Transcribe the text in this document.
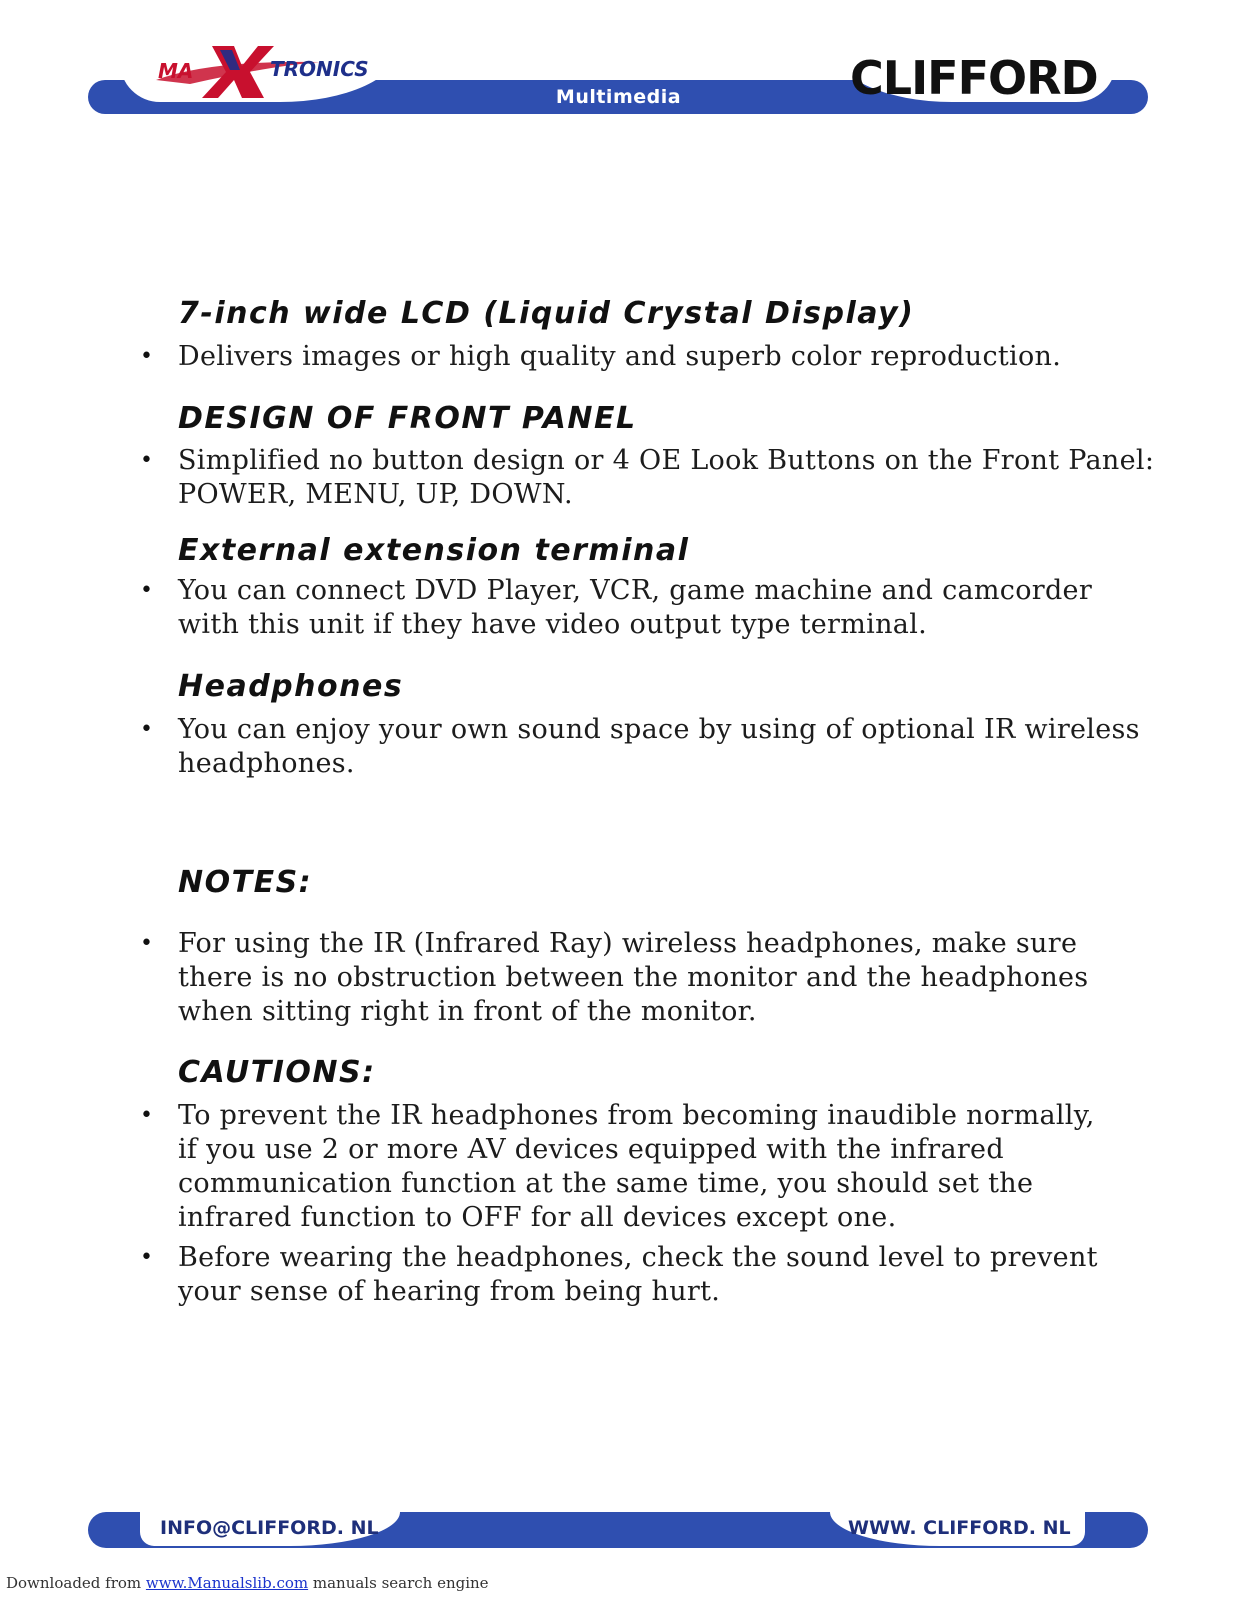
MA	TRONICS
Multimedia	CLIFFORD
7-inch wide LCD (Liquid Crystal Display)
• Delivers images or high quality and superb color reproduction.
DESIGN OF FRONT PANEL
• Simplified no button design or 4 OE Look Buttons on the Front Panel:
POWER, MENU, UP, DOWN.
External extension terminal
• You can connect DVD Player, VCR, game machine and camcorder
with this unit if they have video output type terminal.
Headphones
• You can enjoy your own sound space by using of optional IR wireless
headphones.
NOTES:
• For using the IR (Infrared Ray) wireless headphones, make sure
there is no obstruction between the monitor and the headphones
when sitting right in front of the monitor.
CAUTIONS:
• To prevent the IR headphones from becoming inaudible normally,
if you use 2 or more AV devices equipped with the infrared
communication function at the same time, you should set the
infrared function to OFF for all devices except one.
• Before wearing the headphones, check the sound level to prevent
your sense of hearing from being hurt.
INFO@CLIFFORD. NL	WWW. CLIFFORD. NL
Downloaded from www.Manualslib.com manuals search engine
